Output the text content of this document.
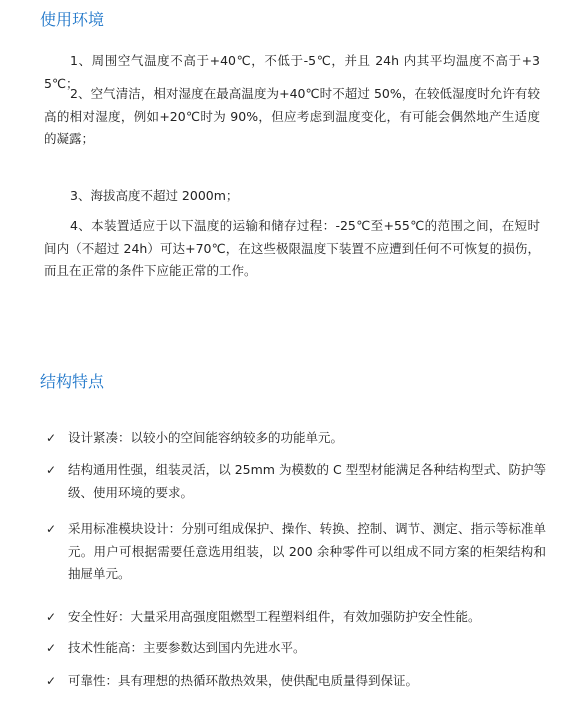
使用环境

1、周围空气温度不高于+40℃，不低于-5℃，并且 24h 内其平均温度不高于+35℃；

2、空气清洁，相对湿度在最高温度为+40℃时不超过 50%，在较低湿度时允许有较高的相对湿度，例如+20℃时为 90%，但应考虑到温度变化，有可能会偶然地产生适度的凝露；

3、海拔高度不超过 2000m；

4、本装置适应于以下温度的运输和储存过程：-25℃至+55℃的范围之间，在短时间内（不超过 24h）可达+70℃，在这些极限温度下装置不应遭到任何不可恢复的损伤，而且在正常的条件下应能正常的工作。

结构特点
✓ 设计紧凑：以较小的空间能容纳较多的功能单元。
✓ 结构通用性强，组装灵活，以 25mm 为模数的 C 型型材能满足各种结构型式、防护等级、使用环境的要求。
✓ 采用标准模块设计：分别可组成保护、操作、转换、控制、调节、测定、指示等标准单元。用户可根据需要任意选用组装，以 200 余种零件可以组成不同方案的柜架结构和抽屉单元。
✓ 安全性好：大量采用高强度阻燃型工程塑料组件，有效加强防护安全性能。
✓ 技术性能高：主要参数达到国内先进水平。
✓ 可靠性：具有理想的热循环散热效果，使供配电质量得到保证。
